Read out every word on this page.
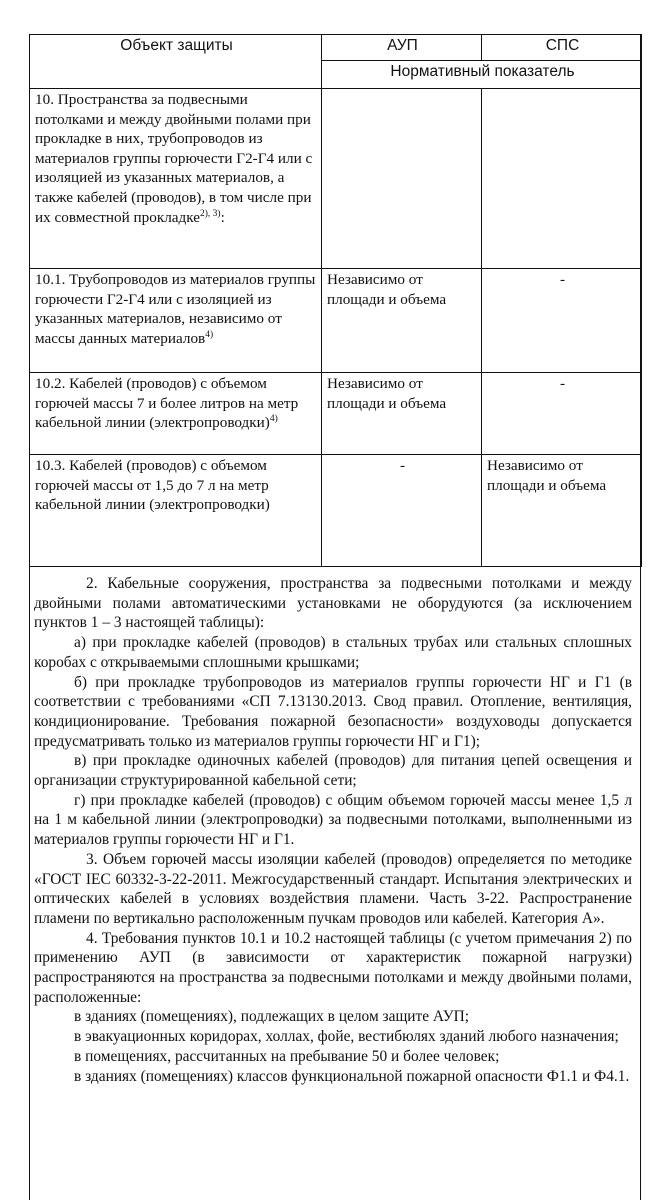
Объект защиты	АУП	СПС
	Нормативный показатель	
10. Пространства за подвесными потолками и между двойными полами при прокладке в них, трубопроводов из материалов группы горючести Г2-Г4 или с изоляцией из указанных материалов, а также кабелей (проводов), в том числе при их совместной прокладке$^{2), 3)}$:		
10.1. Трубопроводов из материалов группы горючести Г2-Г4 или с изоляцией из указанных материалов, независимо от массы данных материалов$^{4)}$	Независимо от площади и объема	-
10.2. Кабелей (проводов) с объемом горючей массы 7 и более литров на метр кабельной линии (электропроводки)$^{4)}$	Независимо от площади и объема	-
10.3. Кабелей (проводов) с объемом горючей массы от 1,5 до 7 л на метр кабельной линии (электропроводки)	-	Независимо от площади и объема

2. Кабельные сооружения, пространства за подвесными потолками и между двойными полами автоматическими установками не оборудуются (за исключением пунктов 1 – 3 настоящей таблицы):

а) при прокладке кабелей (проводов) в стальных трубах или стальных сплошных коробах с открываемыми сплошными крышками;

б) при прокладке трубопроводов из материалов группы горючести НГ и Г1 (в соответствии с требованиями «СП 7.13130.2013. Свод правил. Отопление, вентиляция, кондиционирование. Требования пожарной безопасности» воздуховоды допускается предусматривать только из материалов группы горючести НГ и Г1);

в) при прокладке одиночных кабелей (проводов) для питания цепей освещения и организации структурированной кабельной сети;

г) при прокладке кабелей (проводов) с общим объемом горючей массы менее 1,5 л на 1 м кабельной линии (электропроводки) за подвесными потолками, выполненными из материалов группы горючести НГ и Г1.

3. Объем горючей массы изоляции кабелей (проводов) определяется по методике «ГОСТ IEC 60332-3-22-2011. Межгосударственный стандарт. Испытания электрических и оптических кабелей в условиях воздействия пламени. Часть 3-22. Распространение пламени по вертикально расположенным пучкам проводов или кабелей. Категория А».

4. Требования пунктов 10.1 и 10.2 настоящей таблицы (с учетом примечания 2) по применению АУП (в зависимости от характеристик пожарной нагрузки) распространяются на пространства за подвесными потолками и между двойными полами, расположенные:

в зданиях (помещениях), подлежащих в целом защите АУП;

в эвакуационных коридорах, холлах, фойе, вестибюлях зданий любого назначения;

в помещениях, рассчитанных на пребывание 50 и более человек;

в зданиях (помещениях) классов функциональной пожарной опасности Ф1.1 и Ф4.1.
